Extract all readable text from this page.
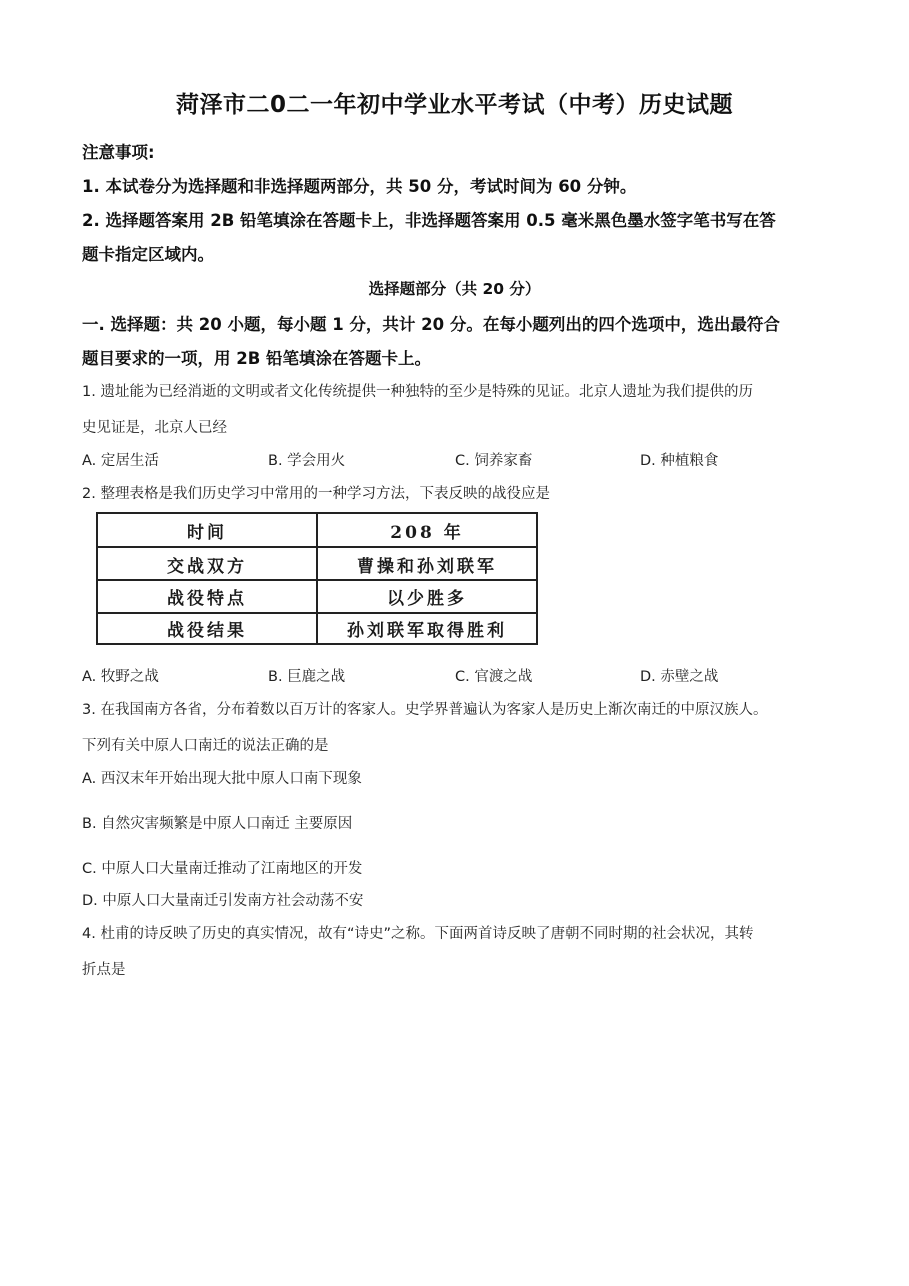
菏泽市二0二一年初中学业水平考试（中考）历史试题
注意事项:
1. 本试卷分为选择题和非选择题两部分，共 50 分，考试时间为 60 分钟。
2. 选择题答案用 2B 铅笔填涂在答题卡上，非选择题答案用 0.5 毫米黑色墨水签字笔书写在答
题卡指定区域内。
选择题部分（共 20 分）
一. 选择题：共 20 小题，每小题 1 分，共计 20 分。在每小题列出的四个选项中，选出最符合
题目要求的一项，用 2B 铅笔填涂在答题卡上。
1. 遗址能为已经消逝的文明或者文化传统提供一种独特的至少是特殊的见证。北京人遗址为我们提供的历
史见证是，北京人已经
A. 定居生活	B. 学会用火	C. 饲养家畜	D. 种植粮食
2. 整理表格是我们历史学习中常用的一种学习方法，下表反映的战役应是
时间	208 年
交战双方	曹操和孙刘联军
战役特点	以少胜多
战役结果	孙刘联军取得胜利
A. 牧野之战	B. 巨鹿之战	C. 官渡之战	D. 赤壁之战
3. 在我国南方各省，分布着数以百万计的客家人。史学界普遍认为客家人是历史上渐次南迁的中原汉族人。
下列有关中原人口南迁的说法正确的是
A. 西汉末年开始出现大批中原人口南下现象
B. 自然灾害频繁是中原人口南迁 主要原因
C. 中原人口大量南迁推动了江南地区的开发
D. 中原人口大量南迁引发南方社会动荡不安
4. 杜甫的诗反映了历史的真实情况，故有“诗史”之称。下面两首诗反映了唐朝不同时期的社会状况，其转
折点是
